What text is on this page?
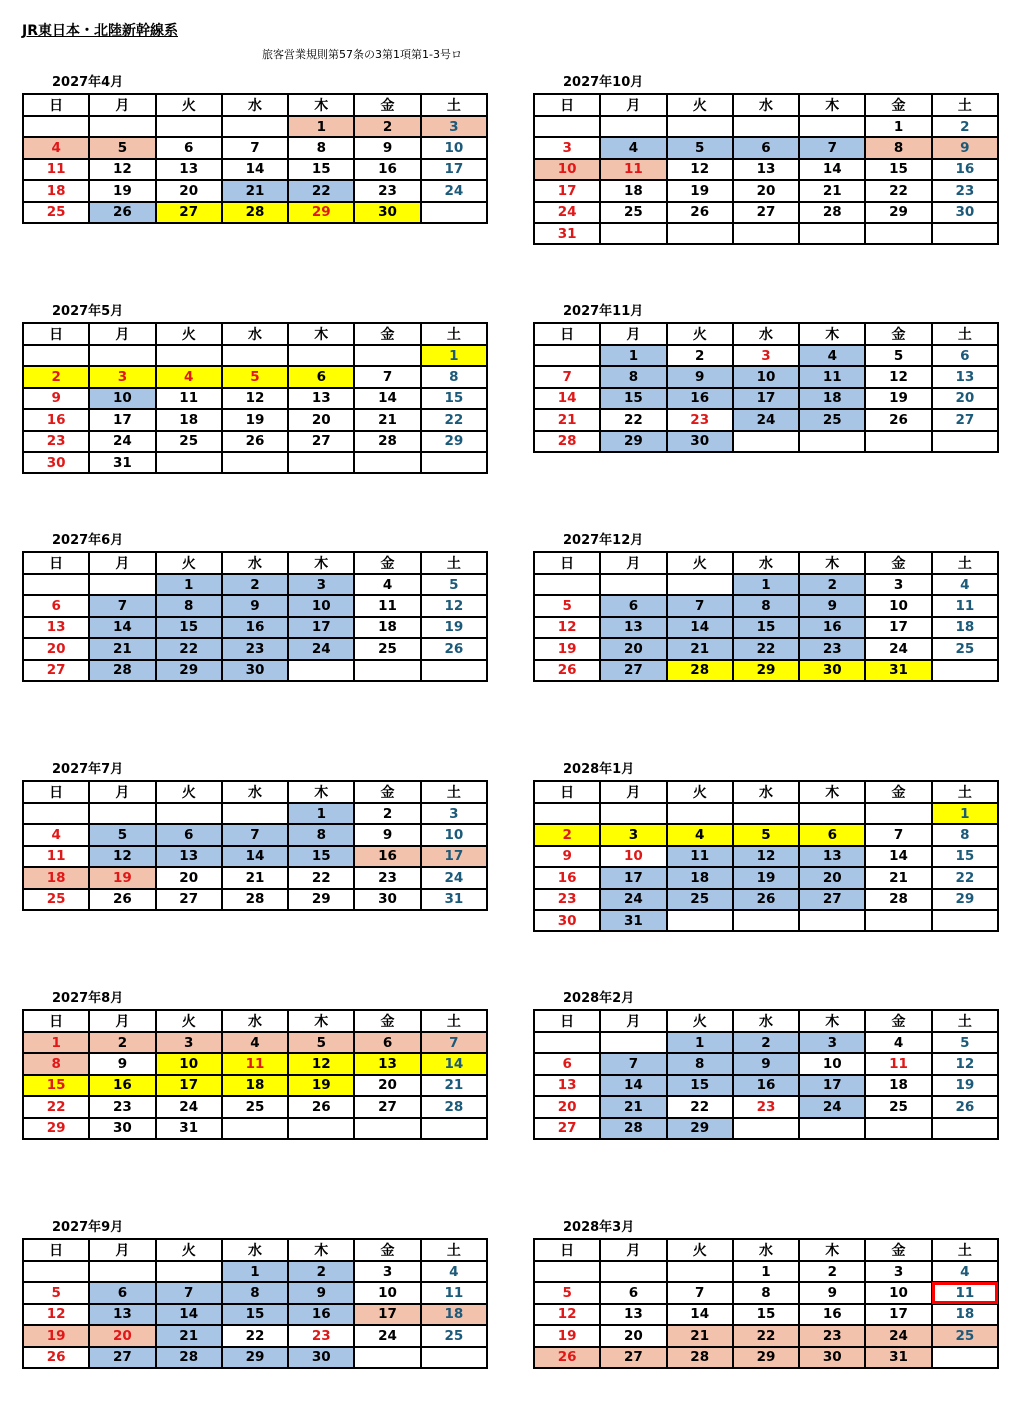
JR東日本・北陸新幹線系
旅客営業規則第57条の3第1項第1-3号ロ
2027年4月
日	月	火	水	木	金	土
				1	2	3
4	5	6	7	8	9	10
11	12	13	14	15	16	17
18	19	20	21	22	23	24
25	26	27	28	29	30	
2027年5月
日	月	火	水	木	金	土
						1
2	3	4	5	6	7	8
9	10	11	12	13	14	15
16	17	18	19	20	21	22
23	24	25	26	27	28	29
30	31					
2027年6月
日	月	火	水	木	金	土
		1	2	3	4	5
6	7	8	9	10	11	12
13	14	15	16	17	18	19
20	21	22	23	24	25	26
27	28	29	30			
2027年7月
日	月	火	水	木	金	土
				1	2	3
4	5	6	7	8	9	10
11	12	13	14	15	16	17
18	19	20	21	22	23	24
25	26	27	28	29	30	31
2027年8月
日	月	火	水	木	金	土
1	2	3	4	5	6	7
8	9	10	11	12	13	14
15	16	17	18	19	20	21
22	23	24	25	26	27	28
29	30	31				
2027年9月
日	月	火	水	木	金	土
			1	2	3	4
5	6	7	8	9	10	11
12	13	14	15	16	17	18
19	20	21	22	23	24	25
26	27	28	29	30		
2027年10月
日	月	火	水	木	金	土
					1	2
3	4	5	6	7	8	9
10	11	12	13	14	15	16
17	18	19	20	21	22	23
24	25	26	27	28	29	30
31						
2027年11月
日	月	火	水	木	金	土
	1	2	3	4	5	6
7	8	9	10	11	12	13
14	15	16	17	18	19	20
21	22	23	24	25	26	27
28	29	30				
2027年12月
日	月	火	水	木	金	土
			1	2	3	4
5	6	7	8	9	10	11
12	13	14	15	16	17	18
19	20	21	22	23	24	25
26	27	28	29	30	31	
2028年1月
日	月	火	水	木	金	土
						1
2	3	4	5	6	7	8
9	10	11	12	13	14	15
16	17	18	19	20	21	22
23	24	25	26	27	28	29
30	31					
2028年2月
日	月	火	水	木	金	土
		1	2	3	4	5
6	7	8	9	10	11	12
13	14	15	16	17	18	19
20	21	22	23	24	25	26
27	28	29				
2028年3月
日	月	火	水	木	金	土
			1	2	3	4
5	6	7	8	9	10	11
12	13	14	15	16	17	18
19	20	21	22	23	24	25
26	27	28	29	30	31	
